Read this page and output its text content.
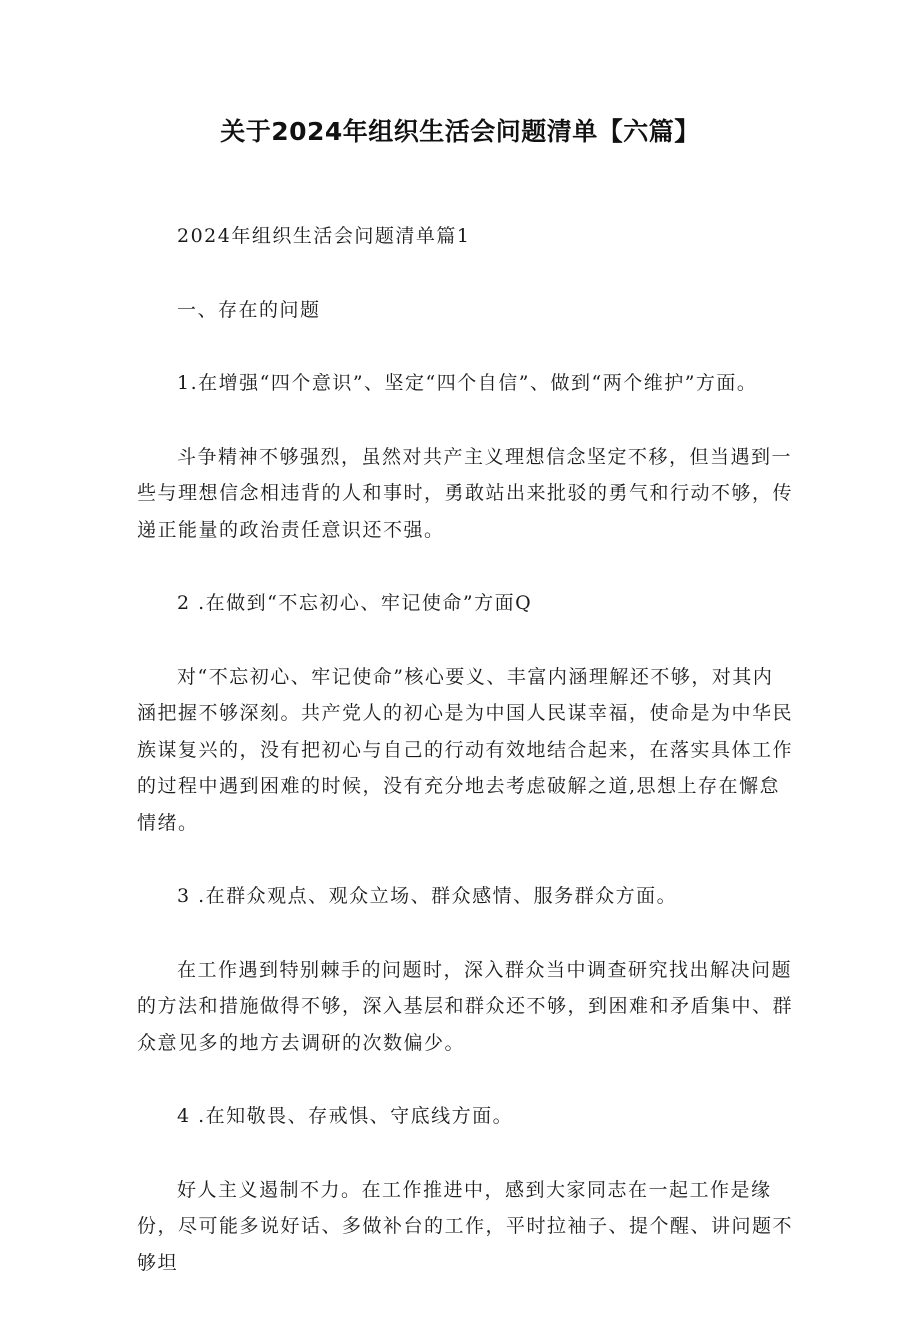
关于2024年组织生活会问题清单【六篇】

2024年组织生活会问题清单篇1

一、存在的问题

1.在增强“四个意识”、坚定“四个自信”、做到“两个维护”方面。

斗争精神不够强烈，虽然对共产主义理想信念坚定不移，但当遇到一些与理想信念相违背的人和事时，勇敢站出来批驳的勇气和行动不够，传递正能量的政治责任意识还不强。

2 .在做到“不忘初心、牢记使命”方面Q

对“不忘初心、牢记使命”核心要义、丰富内涵理解还不够，对其内涵把握不够深刻。共产党人的初心是为中国人民谋幸福，使命是为中华民族谋复兴的，没有把初心与自己的行动有效地结合起来，在落实具体工作的过程中遇到困难的时候，没有充分地去考虑破解之道,思想上存在懈怠情绪。

3 .在群众观点、观众立场、群众感情、服务群众方面。

在工作遇到特别棘手的问题时，深入群众当中调查研究找出解决问题的方法和措施做得不够，深入基层和群众还不够，到困难和矛盾集中、群众意见多的地方去调研的次数偏少。

4 .在知敬畏、存戒惧、守底线方面。

好人主义遏制不力。在工作推进中，感到大家同志在一起工作是缘份，尽可能多说好话、多做补台的工作，平时拉袖子、提个醒、讲问题不够坦
